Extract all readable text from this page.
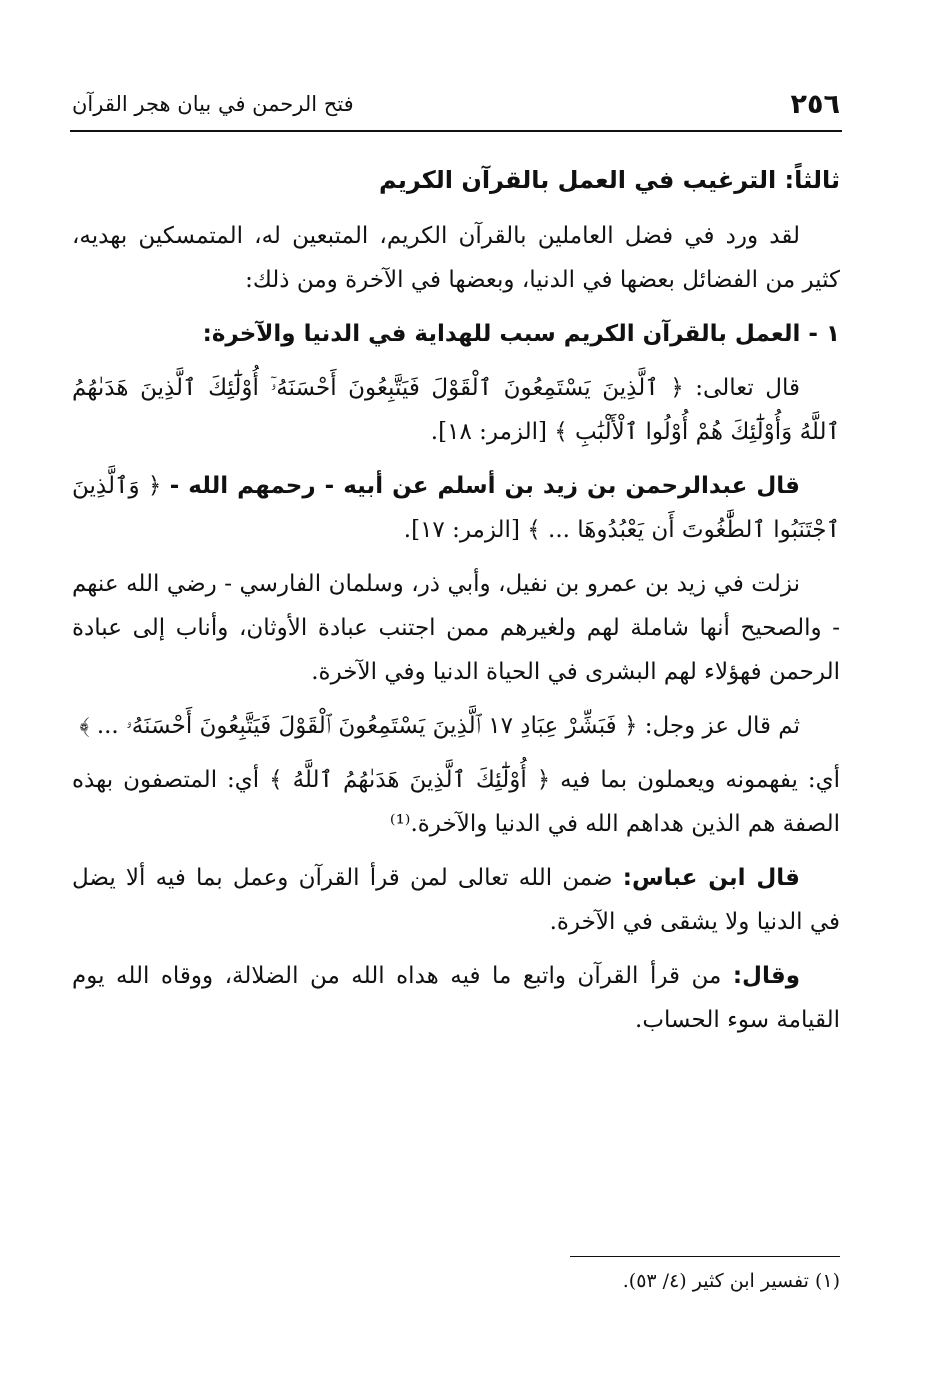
٢٥٦
فتح الرحمن في بيان هجر القرآن

ثالثاً: الترغيب في العمل بالقرآن الكريم

لقد ورد في فضل العاملين بالقرآن الكريم، المتبعين له، المتمسكين بهديه، كثير من الفضائل بعضها في الدنيا، وبعضها في الآخرة ومن ذلك:

١ - العمل بالقرآن الكريم سبب للهداية في الدنيا والآخرة:

قال تعالى: ﴿ ٱلَّذِينَ يَسْتَمِعُونَ ٱلْقَوْلَ فَيَتَّبِعُونَ أَحْسَنَهُۥٓ أُوْلَٰٓئِكَ ٱلَّذِينَ هَدَىٰهُمُ ٱللَّهُ وَأُوْلَٰٓئِكَ هُمْ أُوْلُوا ٱلْأَلْبَٰبِ ﴾ [الزمر: ١٨].

قال عبدالرحمن بن زيد بن أسلم عن أبيه - رحمهم الله - ﴿ وَٱلَّذِينَ ٱجْتَنَبُوا ٱلطَّٰغُوتَ أَن يَعْبُدُوهَا ... ﴾ [الزمر: ١٧].

نزلت في زيد بن عمرو بن نفيل، وأبي ذر، وسلمان الفارسي - رضي الله عنهم - والصحيح أنها شاملة لهم ولغيرهم ممن اجتنب عبادة الأوثان، وأناب إلى عبادة الرحمن فهؤلاء لهم البشرى في الحياة الدنيا وفي الآخرة.

ثم قال عز وجل: ﴿ فَبَشِّرْ عِبَادِ ١٧ ٱلَّذِينَ يَسْتَمِعُونَ ٱلْقَوْلَ فَيَتَّبِعُونَ أَحْسَنَهُۥ ... ﴾

أي: يفهمونه ويعملون بما فيه ﴿ أُوْلَٰٓئِكَ ٱلَّذِينَ هَدَىٰهُمُ ٱللَّهُ ﴾ أي: المتصفون بهذه الصفة هم الذين هداهم الله في الدنيا والآخرة.⁽¹⁾

قال ابن عباس: ضمن الله تعالى لمن قرأ القرآن وعمل بما فيه ألا يضل في الدنيا ولا يشقى في الآخرة.

وقال: من قرأ القرآن واتبع ما فيه هداه الله من الضلالة، ووقاه الله يوم القيامة سوء الحساب.

(١) تفسير ابن كثير (٤/ ٥٣).
